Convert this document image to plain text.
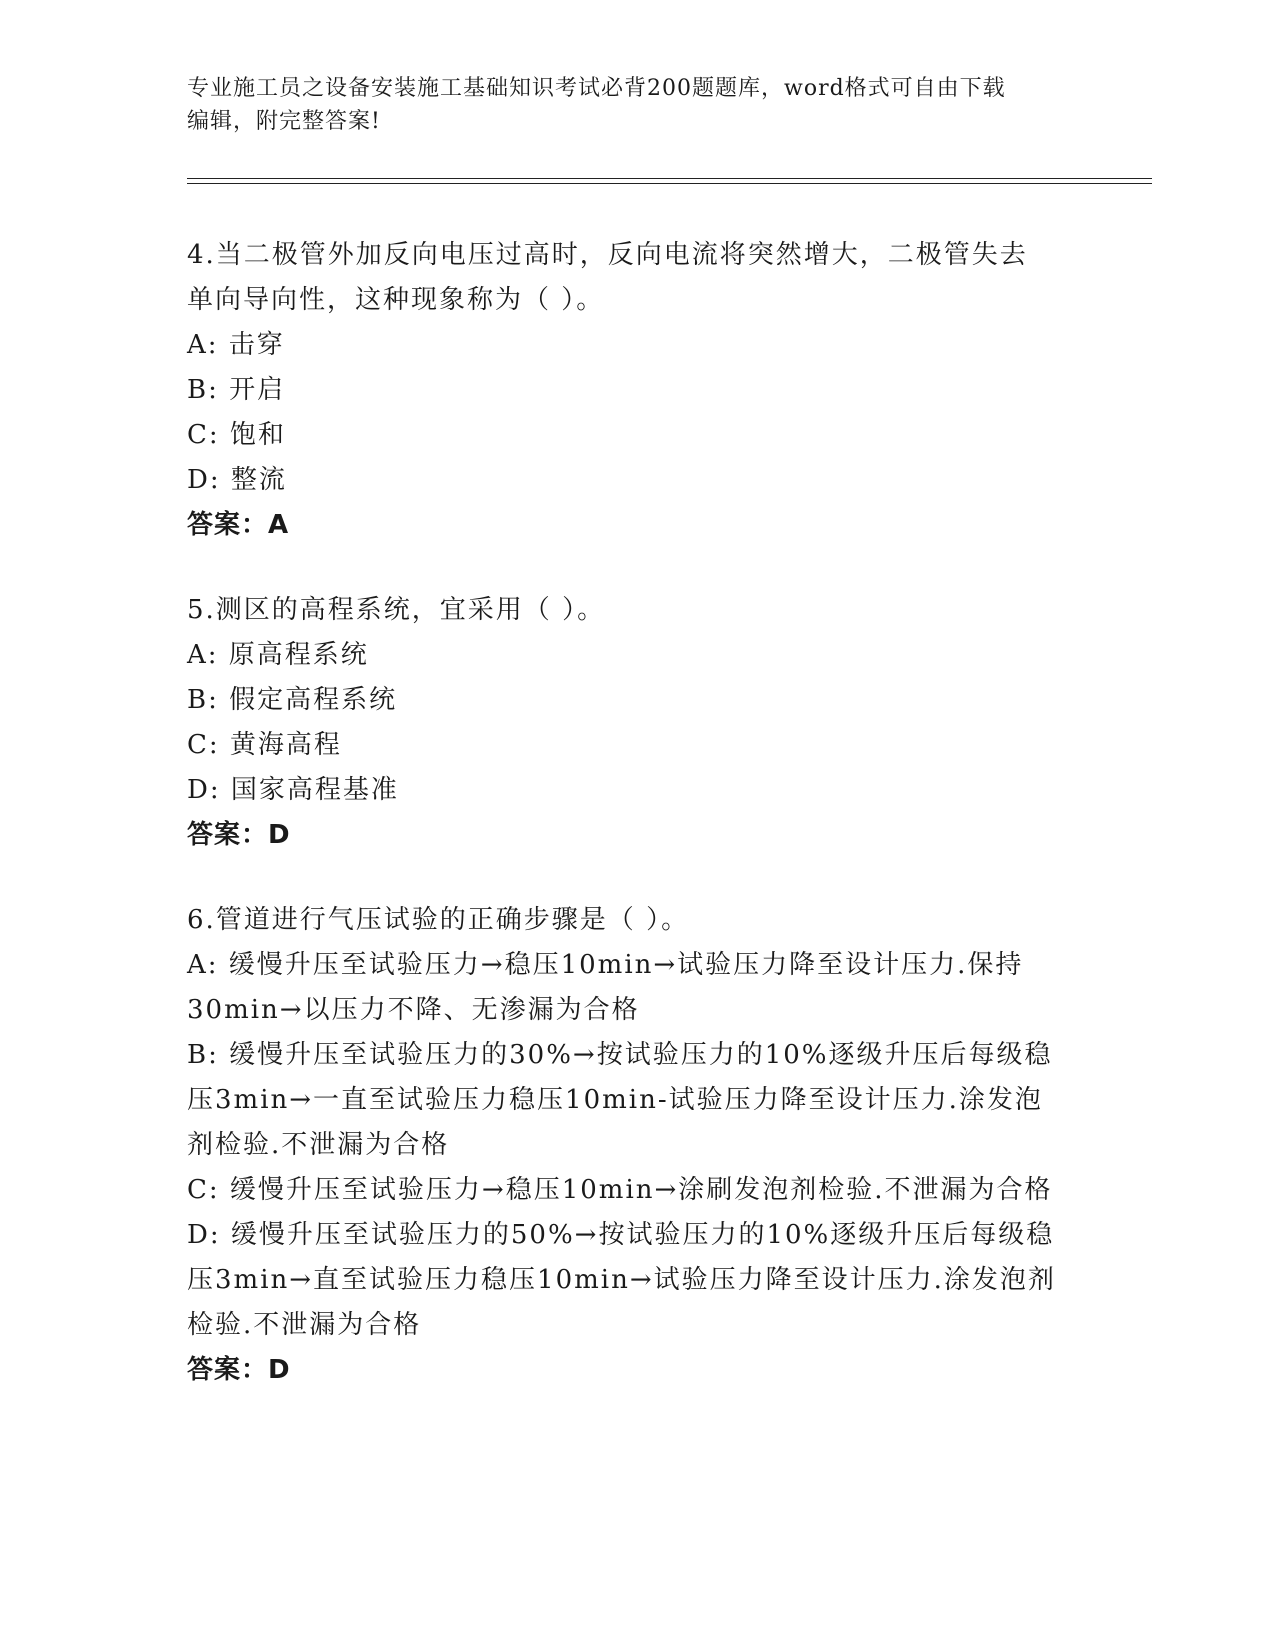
专业施工员之设备安装施工基础知识考试必背200题题库，word格式可自由下载
编辑，附完整答案!
4.当二极管外加反向电压过高时，反向电流将突然增大，二极管失去
单向导向性，这种现象称为（ ）。
A: 击穿
B: 开启
C: 饱和
D: 整流
答案：A
5.测区的高程系统，宜采用（ ）。
A: 原高程系统
B: 假定高程系统
C: 黄海高程
D: 国家高程基准
答案：D
6.管道进行气压试验的正确步骤是（ ）。
A: 缓慢升压至试验压力→稳压10min→试验压力降至设计压力.保持
30min→以压力不降、无渗漏为合格
B: 缓慢升压至试验压力的30%→按试验压力的10%逐级升压后每级稳
压3min→一直至试验压力稳压10min-试验压力降至设计压力.涂发泡
剂检验.不泄漏为合格
C: 缓慢升压至试验压力→稳压10min→涂刷发泡剂检验.不泄漏为合格
D: 缓慢升压至试验压力的50%→按试验压力的10%逐级升压后每级稳
压3min→直至试验压力稳压10min→试验压力降至设计压力.涂发泡剂
检验.不泄漏为合格
答案：D
